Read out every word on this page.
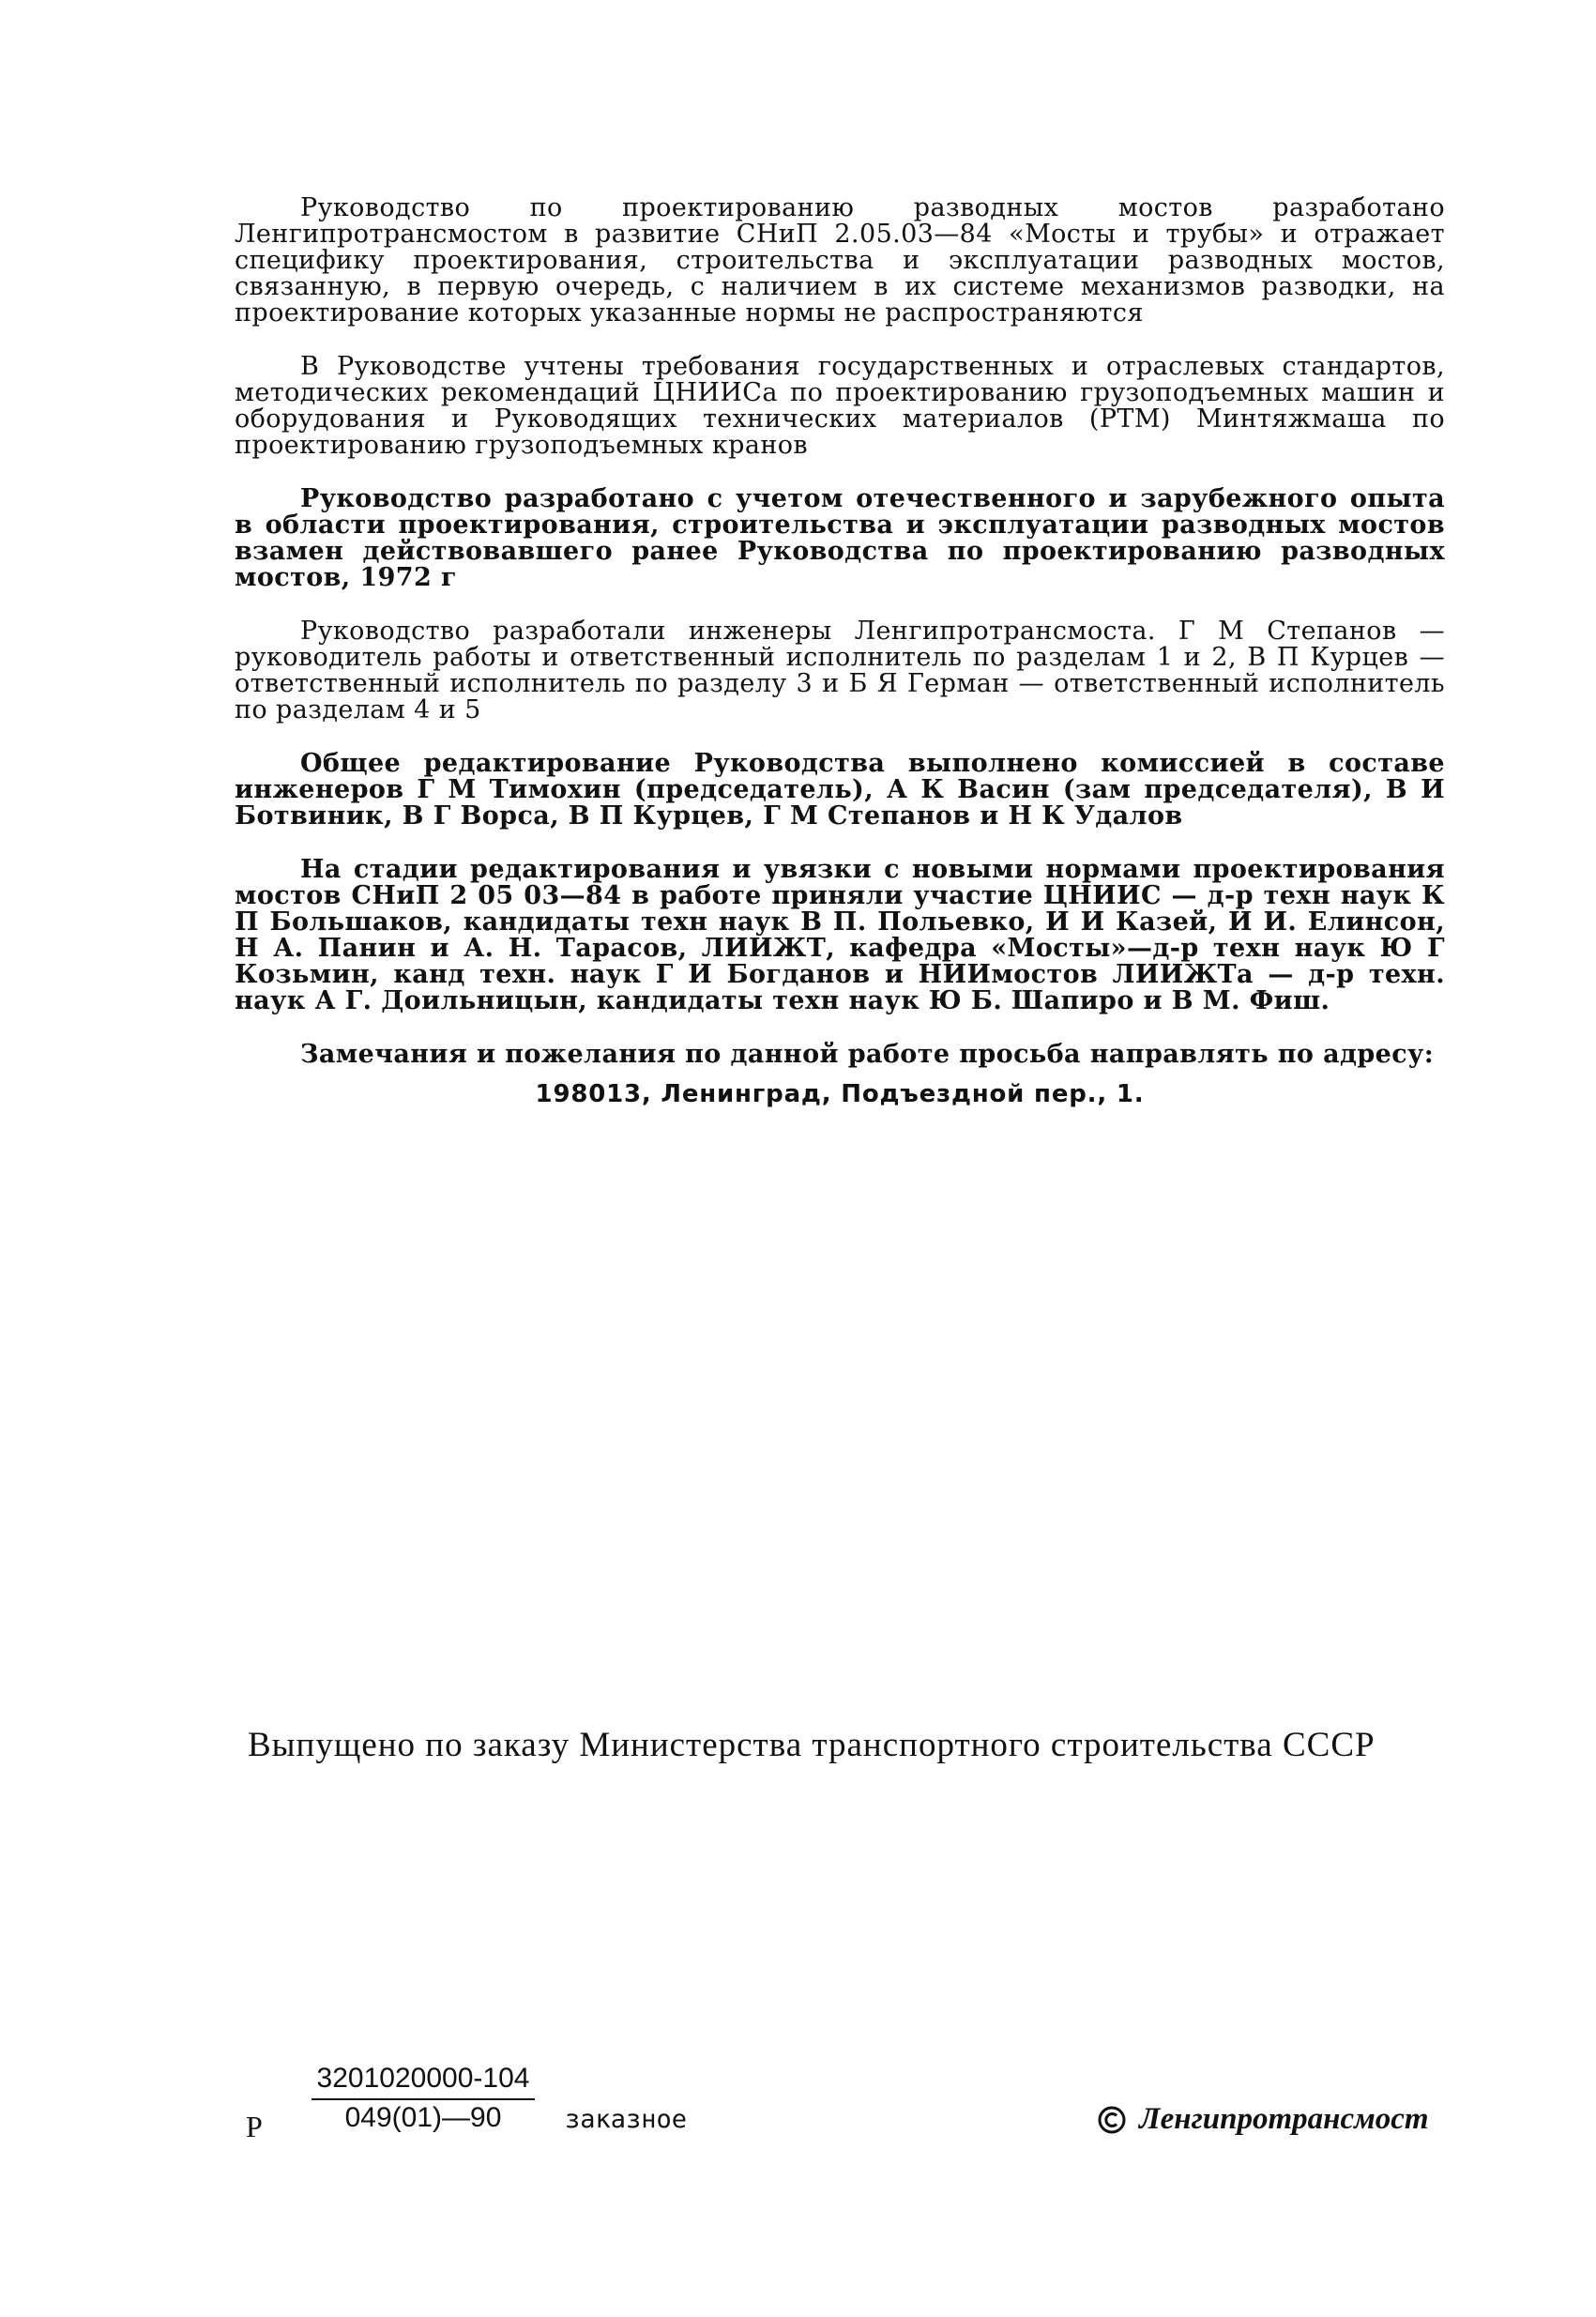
Руководство по проектированию разводных мостов разработано Ленгипротрансмостом в развитие СНиП 2.05.03—84 «Мосты и трубы» и отражает специфику проектирования, строительства и эксплуатации разводных мостов, связанную, в первую очередь, с наличием в их системе механизмов разводки, на проектирование которых указанные нормы не распространяются

В Руководстве учтены требования государственных и отраслевых стандартов, методических рекомендаций ЦНИИСа по проектированию грузоподъемных машин и оборудования и Руководящих технических материалов (РТМ) Минтяжмаша по проектированию грузоподъемных кранов

Руководство разработано с учетом отечественного и зарубежного опыта в области проектирования, строительства и эксплуатации разводных мостов взамен действовавшего ранее Руководства по проектированию разводных мостов, 1972 г

Руководство разработали инженеры Ленгипротрансмоста. Г М Степанов — руководитель работы и ответственный исполнитель по разделам 1 и 2, В П Курцев — ответственный исполнитель по разделу 3 и Б Я Герман — ответственный исполнитель по разделам 4 и 5

Общее редактирование Руководства выполнено комиссией в составе инженеров Г М Тимохин (председатель), А К Васин (зам председателя), В И Ботвиник, В Г Ворса, В П Курцев, Г М Степанов и Н К Удалов

На стадии редактирования и увязки с новыми нормами проектирования мостов СНиП 2 05 03—84 в работе приняли участие ЦНИИС — д-р техн наук К П Большаков, кандидаты техн наук В П. Польевко, И И Казей, И И. Елинсон, Н А. Панин и А. Н. Тарасов, ЛИИЖТ, кафедра «Мосты»—д-р техн наук Ю Г Козьмин, канд техн. наук Г И Богданов и НИИмостов ЛИИЖТа — д-р техн. наук А Г. Доильницын, кандидаты техн наук Ю Б. Шапиро и В М. Фиш.

Замечания и пожелания по данной работе просьба направлять по адресу:

198013, Ленинград, Подъездной пер., 1.
Выпущено по заказу Министерства транспортного строительства СССР
Р
3201020000-104
049(01)—90	заказное	Ленгипротрансмост
